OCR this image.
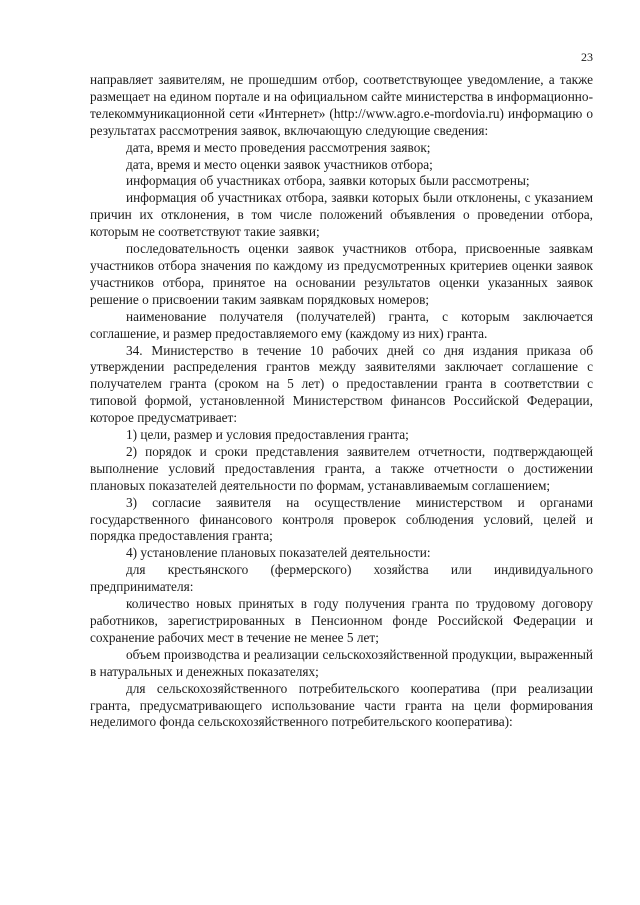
23

направляет заявителям, не прошедшим отбор, соответствующее уведомление, а также размещает на едином портале и на официальном сайте министерства в информационно-телекоммуникационной сети «Интернет» (http://www.agro.e-mordovia.ru) информацию о результатах рассмотрения заявок, включающую следующие сведения:

дата, время и место проведения рассмотрения заявок;

дата, время и место оценки заявок участников отбора;

информация об участниках отбора, заявки которых были рассмотрены;

информация об участниках отбора, заявки которых были отклонены, с указанием причин их отклонения, в том числе положений объявления о проведении отбора, которым не соответствуют такие заявки;

последовательность оценки заявок участников отбора, присвоенные заявкам участников отбора значения по каждому из предусмотренных критериев оценки заявок участников отбора, принятое на основании результатов оценки указанных заявок решение о присвоении таким заявкам порядковых номеров;

наименование получателя (получателей) гранта, с которым заключается соглашение, и размер предоставляемого ему (каждому из них) гранта.

34. Министерство в течение 10 рабочих дней со дня издания приказа об утверждении распределения грантов между заявителями заключает соглашение с получателем гранта (сроком на 5 лет) о предоставлении гранта в соответствии с типовой формой, установленной Министерством финансов Российской Федерации, которое предусматривает:

1) цели, размер и условия предоставления гранта;

2) порядок и сроки представления заявителем отчетности, подтверждающей выполнение условий предоставления гранта, а также отчетности о достижении плановых показателей деятельности по формам, устанавливаемым соглашением;

3) согласие заявителя на осуществление министерством и органами государственного финансового контроля проверок соблюдения условий, целей и порядка предоставления гранта;

4) установление плановых показателей деятельности:

для крестьянского (фермерского) хозяйства или индивидуального предпринимателя:

количество новых принятых в году получения гранта по трудовому договору работников, зарегистрированных в Пенсионном фонде Российской Федерации и сохранение рабочих мест в течение не менее 5 лет;

объем производства и реализации сельскохозяйственной продукции, выраженный в натуральных и денежных показателях;

для сельскохозяйственного потребительского кооператива (при реализации гранта, предусматривающего использование части гранта на цели формирования неделимого фонда сельскохозяйственного потребительского кооператива):
